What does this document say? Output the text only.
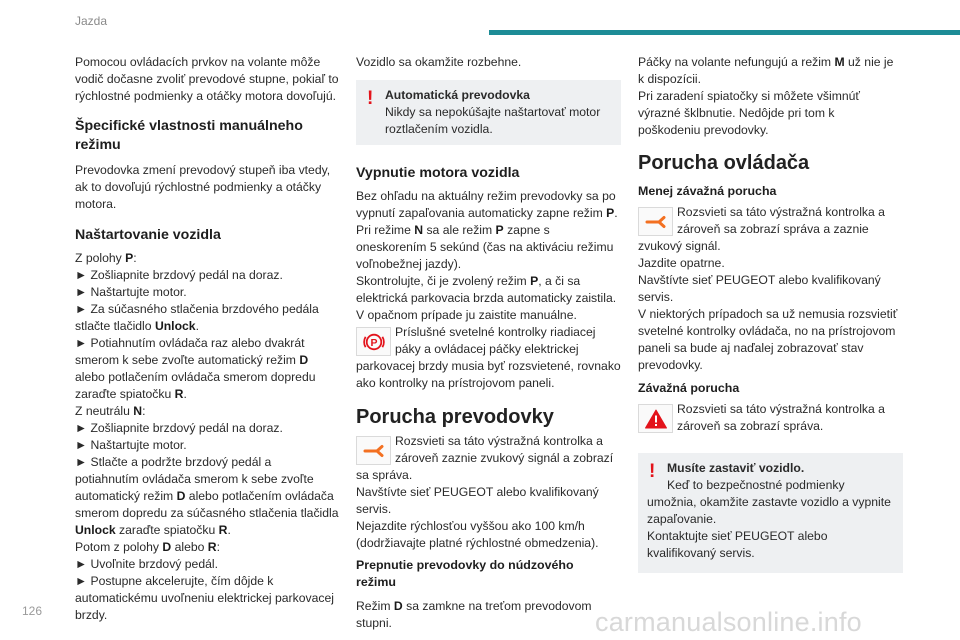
Jazda

Pomocou ovládacích prvkov na volante môže
vodič dočasne zvoliť prevodové stupne, pokiaľ to
rýchlostné podmienky a otáčky motora dovoľujú.

Špecifické vlastnosti manuálneho
režimu

Prevodovka zmení prevodový stupeň iba vtedy,
ak to dovoľujú rýchlostné podmienky a otáčky
motora.

Naštartovanie vozidla

Z polohy P:
► Zošliapnite brzdový pedál na doraz.
► Naštartujte motor.
► Za súčasného stlačenia brzdového pedála
stlačte tlačidlo Unlock.
► Potiahnutím ovládača raz alebo dvakrát
smerom k sebe zvoľte automatický režim D
alebo potlačením ovládača smerom dopredu
zaraďte spiatočku R.
Z neutrálu N:
► Zošliapnite brzdový pedál na doraz.
► Naštartujte motor.
► Stlačte a podržte brzdový pedál a
potiahnutím ovládača smerom k sebe zvoľte
automatický režim D alebo potlačením ovládača
smerom dopredu za súčasného stlačenia tlačidla
Unlock zaraďte spiatočku R.
Potom z polohy D alebo R:
► Uvoľnite brzdový pedál.
► Postupne akcelerujte, čím dôjde k
automatickému uvoľneniu elektrickej parkovacej
brzdy.

Vozidlo sa okamžite rozbehne.

! Automatická prevodovka
Nikdy sa nepokúšajte naštartovať motor
roztlačením vozidla.

Vypnutie motora vozidla

Bez ohľadu na aktuálny režim prevodovky sa po
vypnutí zapaľovania automaticky zapne režim P.
Pri režime N sa ale režim P zapne s
oneskorením 5 sekúnd (čas na aktiváciu režimu
voľnobežnej jazdy).
Skontrolujte, či je zvolený režim P, a či sa
elektrická parkovacia brzda automaticky zaistila.
V opačnom prípade ju zaistite manuálne.

P
Príslušné svetelné kontrolky riadiacej
páky a ovládacej páčky elektrickej
parkovacej brzdy musia byť rozsvietené, rovnako
ako kontrolky na prístrojovom paneli.

Porucha prevodovky

Rozsvieti sa táto výstražná kontrolka a
zároveň zaznie zvukový signál a zobrazí
sa správa.
Navštívte sieť PEUGEOT alebo kvalifikovaný
servis.
Nejazdite rýchlosťou vyššou ako 100 km/h
(dodržiavajte platné rýchlostné obmedzenia).

Prepnutie prevodovky do núdzového
režimu

Režim D sa zamkne na treťom prevodovom
stupni.

Páčky na volante nefungujú a režim M už nie je
k dispozícii.
Pri zaradení spiatočky si môžete všimnúť
výrazné šklbnutie. Nedôjde pri tom k
poškodeniu prevodovky.

Porucha ovládača

Menej závažná porucha

Rozsvieti sa táto výstražná kontrolka a
zároveň sa zobrazí správa a zaznie
zvukový signál.
Jazdite opatrne.
Navštívte sieť PEUGEOT alebo kvalifikovaný
servis.
V niektorých prípadoch sa už nemusia rozsvietiť
svetelné kontrolky ovládača, no na prístrojovom
paneli sa bude aj naďalej zobrazovať stav
prevodovky.

Závažná porucha

Rozsvieti sa táto výstražná kontrolka a
zároveň sa zobrazí správa.
! Musíte zastaviť vozidlo.
Keď to bezpečnostné podmienky
umožnia, okamžite zastavte vozidlo a vypnite
zapaľovanie.
Kontaktujte sieť PEUGEOT alebo
kvalifikovaný servis.
126	carmanualsonline.info
